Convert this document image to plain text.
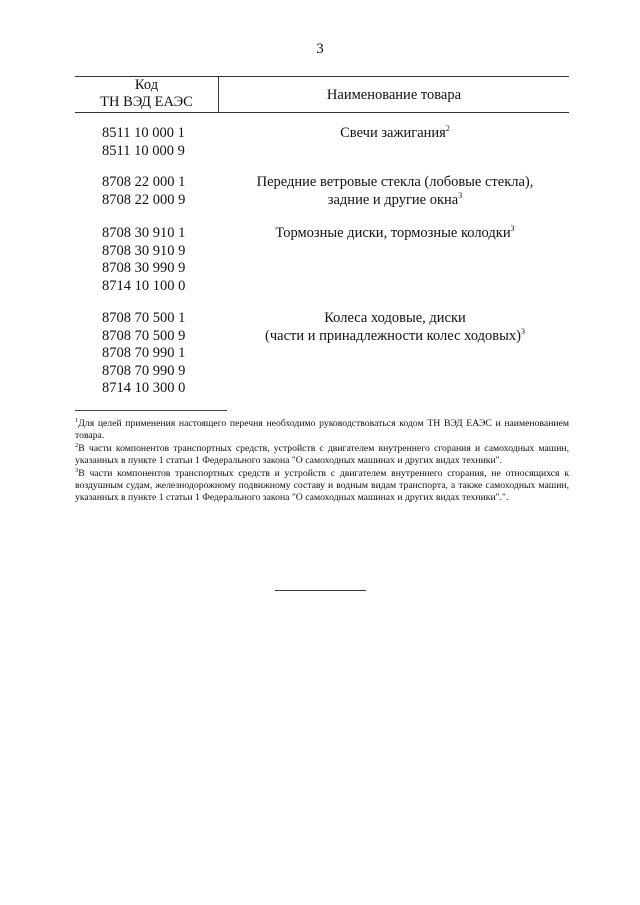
3
Код
ТН ВЭД ЕАЭС	Наименование товара
8511 10 000 1
8511 10 000 9
Свечи зажигания$^2$
8708 22 000 1
8708 22 000 9
Передние ветровые стекла (лобовые стекла),
задние и другие окна$^3$
8708 30 910 1
8708 30 910 9
8708 30 990 9
8714 10 100 0
Тормозные диски, тормозные колодки$^3$
8708 70 500 1
8708 70 500 9
8708 70 990 1
8708 70 990 9
8714 10 300 0
Колеса ходовые, диски
(части и принадлежности колес ходовых)$^3$
$^1$Для целей применения настоящего перечня необходимо руководствоваться кодом ТН ВЭД ЕАЭС и наименованием товара.
$^2$В части компонентов транспортных средств, устройств с двигателем внутреннего сгорания и самоходных машин, указанных в пункте 1 статьи 1 Федерального закона "О самоходных машинах и других видах техники".
$^3$В части компонентов транспортных средств и устройств с двигателем внутреннего сгорания, не относящихся к воздушным судам, железнодорожному подвижному составу и водным видам транспорта, а также самоходных машин, указанных в пункте 1 статьи 1 Федерального закона "О самоходных машинах и других видах техники".".
